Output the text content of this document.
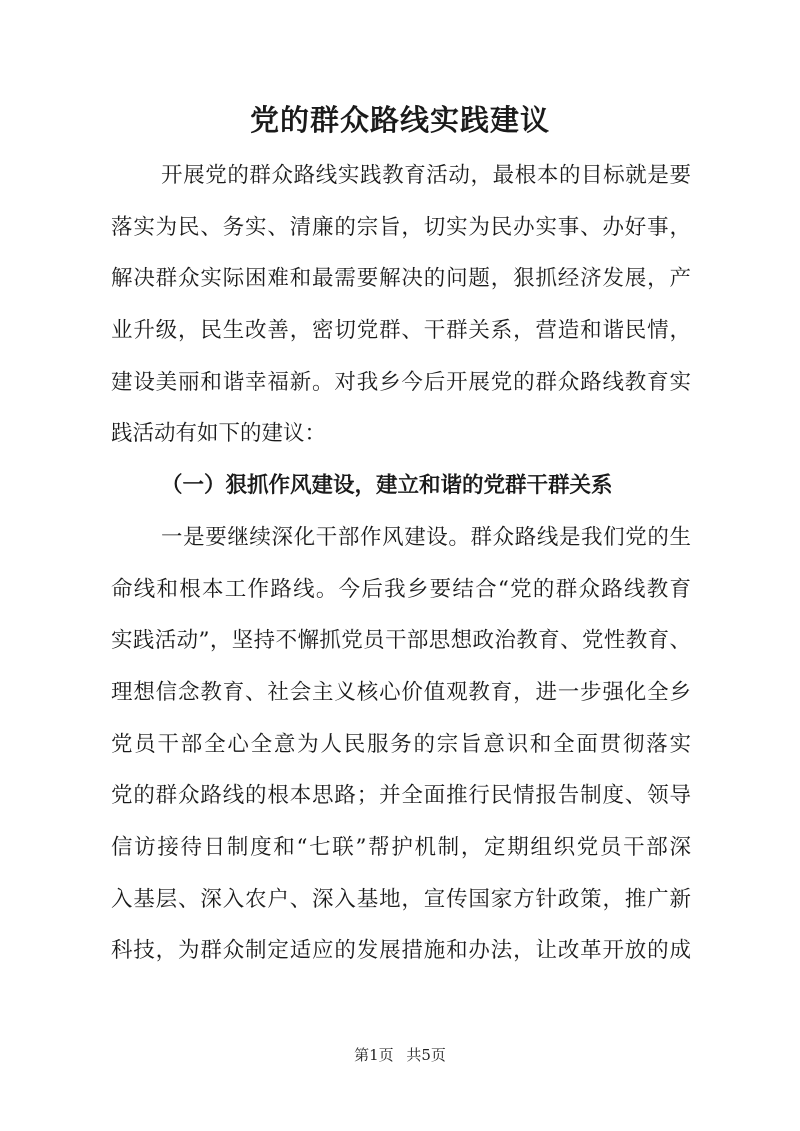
党的群众路线实践建议
开展党的群众路线实践教育活动，最根本的目标就是要
落实为民、务实、清廉的宗旨，切实为民办实事、办好事，
解决群众实际困难和最需要解决的问题，狠抓经济发展，产
业升级，民生改善，密切党群、干群关系，营造和谐民情，
建设美丽和谐幸福新。对我乡今后开展党的群众路线教育实
践活动有如下的建议：
（一）狠抓作风建设，建立和谐的党群干群关系
一是要继续深化干部作风建设。群众路线是我们党的生
命线和根本工作路线。今后我乡要结合“党的群众路线教育
实践活动”，坚持不懈抓党员干部思想政治教育、党性教育、
理想信念教育、社会主义核心价值观教育，进一步强化全乡
党员干部全心全意为人民服务的宗旨意识和全面贯彻落实
党的群众路线的根本思路；并全面推行民情报告制度、领导
信访接待日制度和“七联”帮护机制，定期组织党员干部深
入基层、深入农户、深入基地，宣传国家方针政策，推广新
科技，为群众制定适应的发展措施和办法，让改革开放的成
第1页 共5页
